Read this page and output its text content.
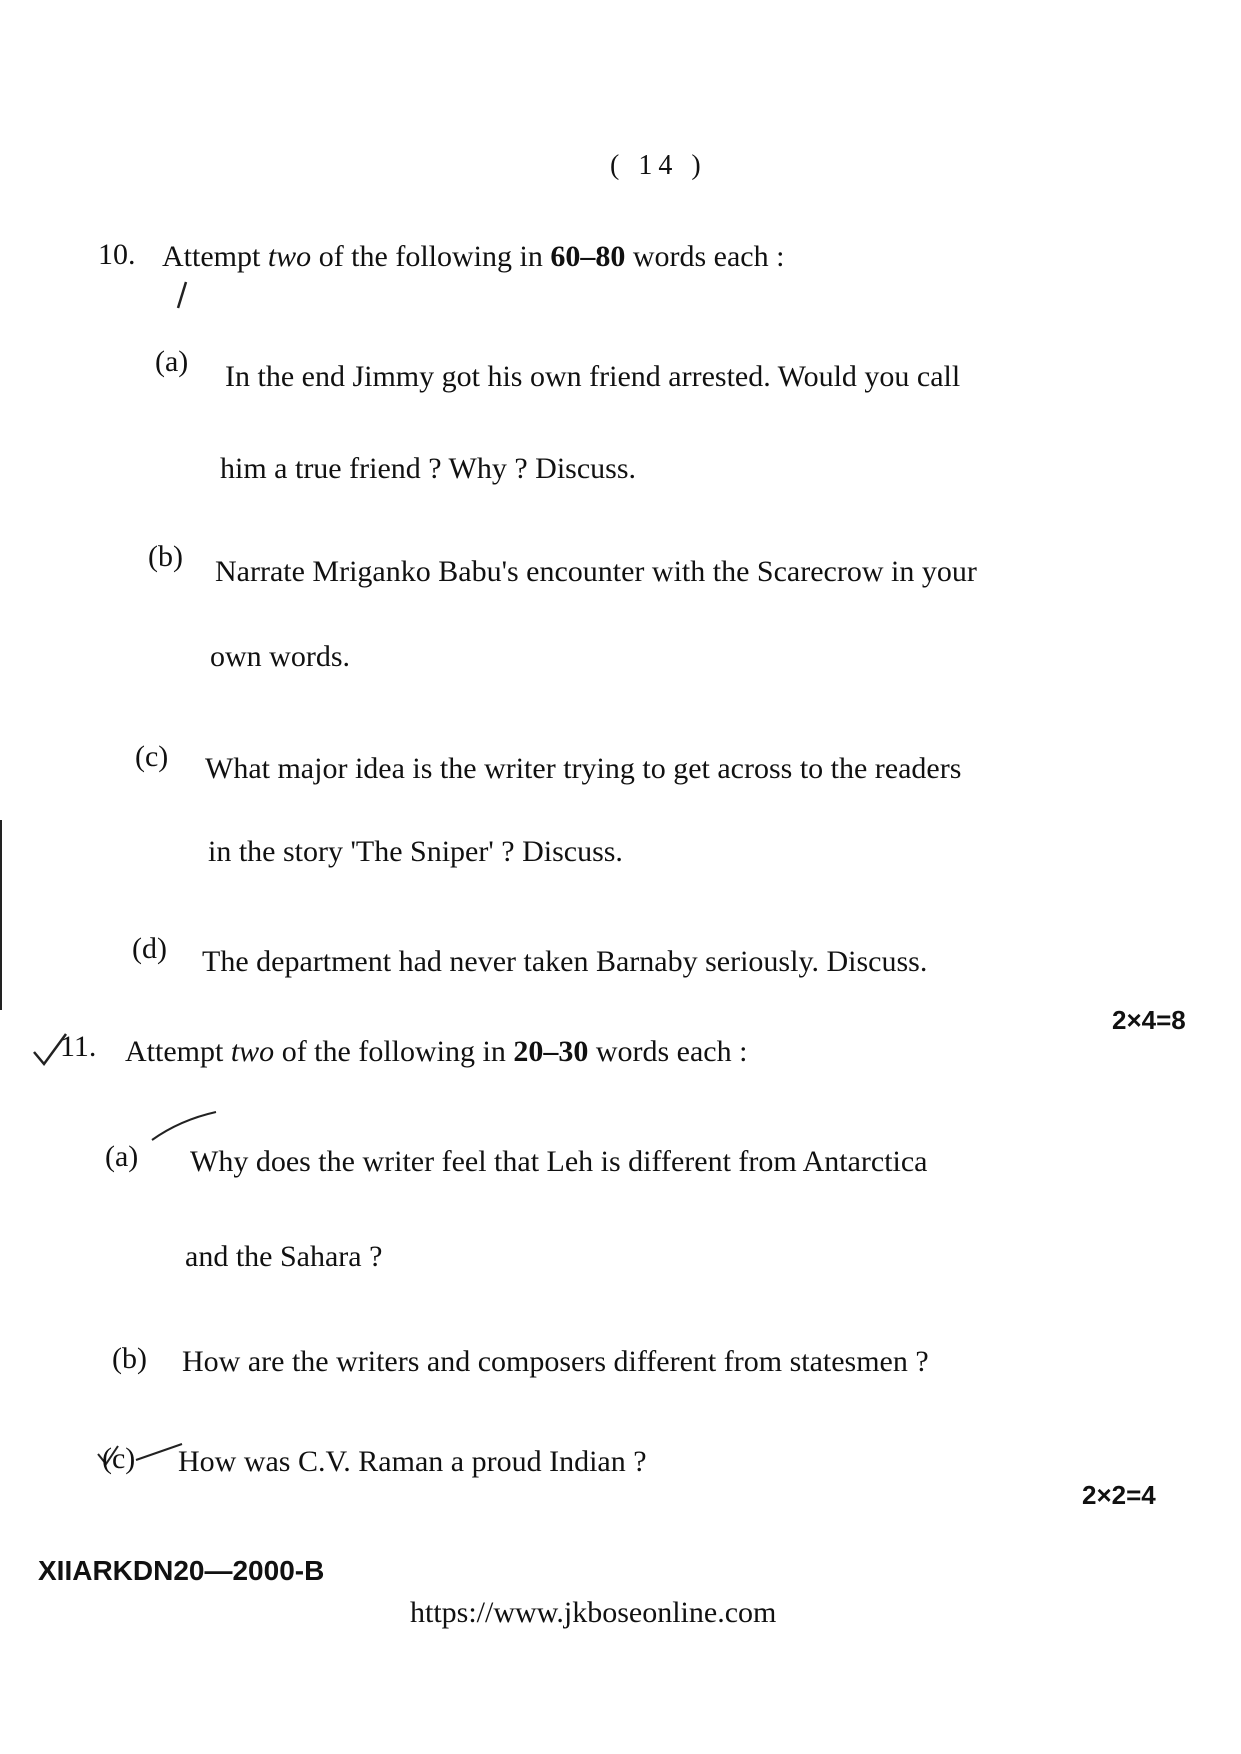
( 14 )
10. Attempt two of the following in 60–80 words each :
(a) In the end Jimmy got his own friend arrested. Would you call
him a true friend ? Why ? Discuss.
(b) Narrate Mriganko Babu's encounter with the Scarecrow in your
own words.
(c) What major idea is the writer trying to get across to the readers
in the story 'The Sniper' ? Discuss.
(d) The department had never taken Barnaby seriously. Discuss.
2×4=8
11. Attempt two of the following in 20–30 words each :
(a) Why does the writer feel that Leh is different from Antarctica
and the Sahara ?
(b) How are the writers and composers different from statesmen ?
(c) How was C.V. Raman a proud Indian ?
2×2=4
XIIARKDN20—2000-B
https://www.jkboseonline.com
